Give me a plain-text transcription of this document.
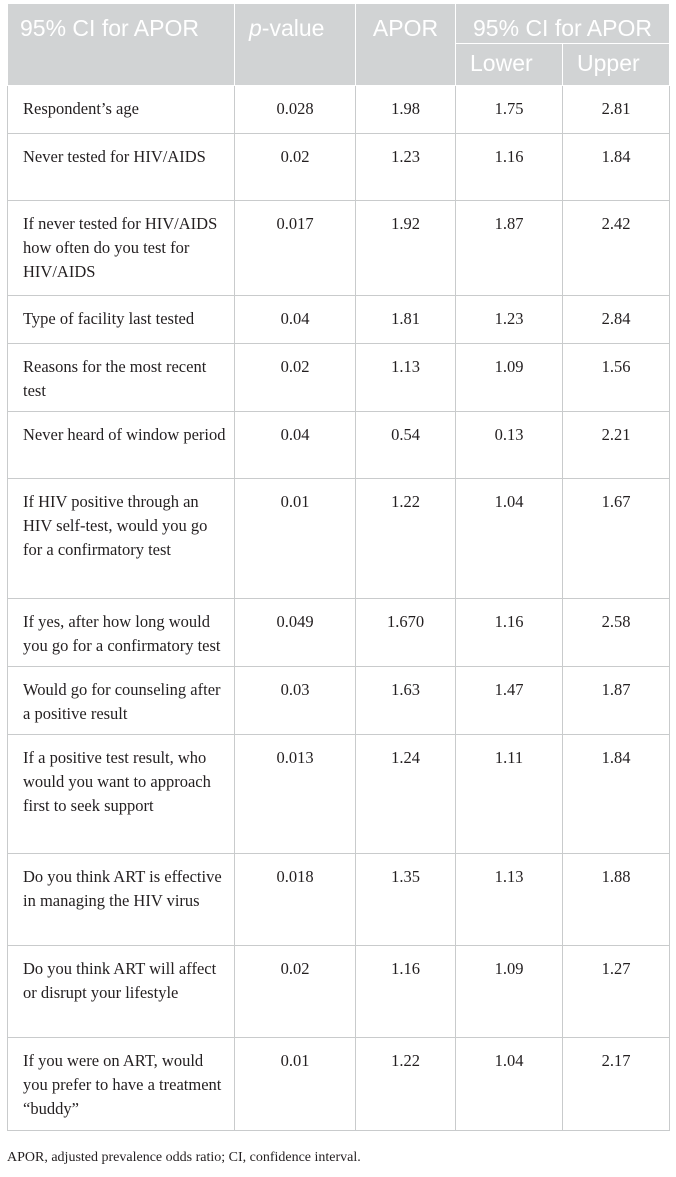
95% CI for APOR	p-value	APOR	95% CI for APOR	
			Lower	Upper
Respondent’s age	0.028	1.98	1.75	2.81
Never tested for HIV/AIDS	0.02	1.23	1.16	1.84
If never tested for HIV/AIDS how often do you test for HIV/AIDS	0.017	1.92	1.87	2.42
Type of facility last tested	0.04	1.81	1.23	2.84
Reasons for the most recent test	0.02	1.13	1.09	1.56
Never heard of window period	0.04	0.54	0.13	2.21
If HIV positive through an HIV self-test, would you go for a confirmatory test	0.01	1.22	1.04	1.67
If yes, after how long would you go for a confirmatory test	0.049	1.670	1.16	2.58
Would go for counseling after a positive result	0.03	1.63	1.47	1.87
If a positive test result, who would you want to approach first to seek support	0.013	1.24	1.11	1.84
Do you think ART is effective in managing the HIV virus	0.018	1.35	1.13	1.88
Do you think ART will affect or disrupt your lifestyle	0.02	1.16	1.09	1.27
If you were on ART, would you prefer to have a treatment “buddy”	0.01	1.22	1.04	2.17
APOR, adjusted prevalence odds ratio; CI, confidence interval.
